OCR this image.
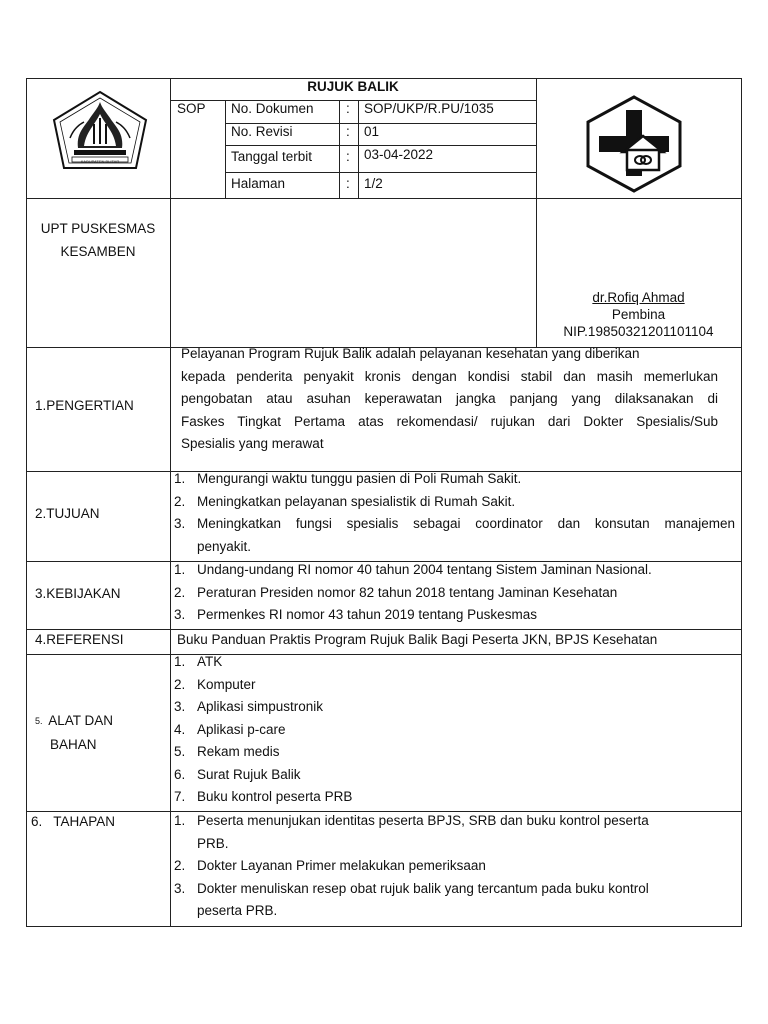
KABUPATEN BLITAR
RUJUK BALIK
SOP No. Dokumen : SOP/UKP/R.PU/1035
No. Revisi	: 01
Tanggal terbit	: 03-04-2022
Halaman	: 1/2
UPT PUSKESMAS
KESAMBEN
dr.Rofiq Ahmad
Pembina
NIP.19850321201101104
1.PENGERTIAN
Pelayanan Program Rujuk Balik adalah pelayanan kesehatan yang diberikan
kepada penderita penyakit kronis dengan kondisi stabil dan masih memerlukan
pengobatan atau asuhan keperawatan jangka panjang yang dilaksanakan di
Faskes Tingkat Pertama atas rekomendasi/ rujukan dari Dokter Spesialis/Sub
Spesialis yang merawat
2.TUJUAN
1. Mengurangi waktu tunggu pasien di Poli Rumah Sakit.
2. Meningkatkan pelayanan spesialistik di Rumah Sakit.
3. Meningkatkan fungsi spesialis sebagai coordinator dan konsutan manajemen
penyakit.
3.KEBIJAKAN
1. Undang-undang RI nomor 40 tahun 2004 tentang Sistem Jaminan Nasional.
2. Peraturan Presiden nomor 82 tahun 2018 tentang Jaminan Kesehatan
3. Permenkes RI nomor 43 tahun 2019 tentang Puskesmas
4.REFERENSI	Buku Panduan Praktis Program Rujuk Balik Bagi Peserta JKN, BPJS Kesehatan
5. ALAT DAN
BAHAN
1. ATK
2. Komputer
3. Aplikasi simpustronik
4. Aplikasi p-care
5. Rekam medis
6. Surat Rujuk Balik
7. Buku kontrol peserta PRB
6.   TAHAPAN	1. Peserta menunjukan identitas peserta BPJS, SRB dan buku kontrol peserta
PRB.
2. Dokter Layanan Primer melakukan pemeriksaan
3. Dokter menuliskan resep obat rujuk balik yang tercantum pada buku kontrol
peserta PRB.
